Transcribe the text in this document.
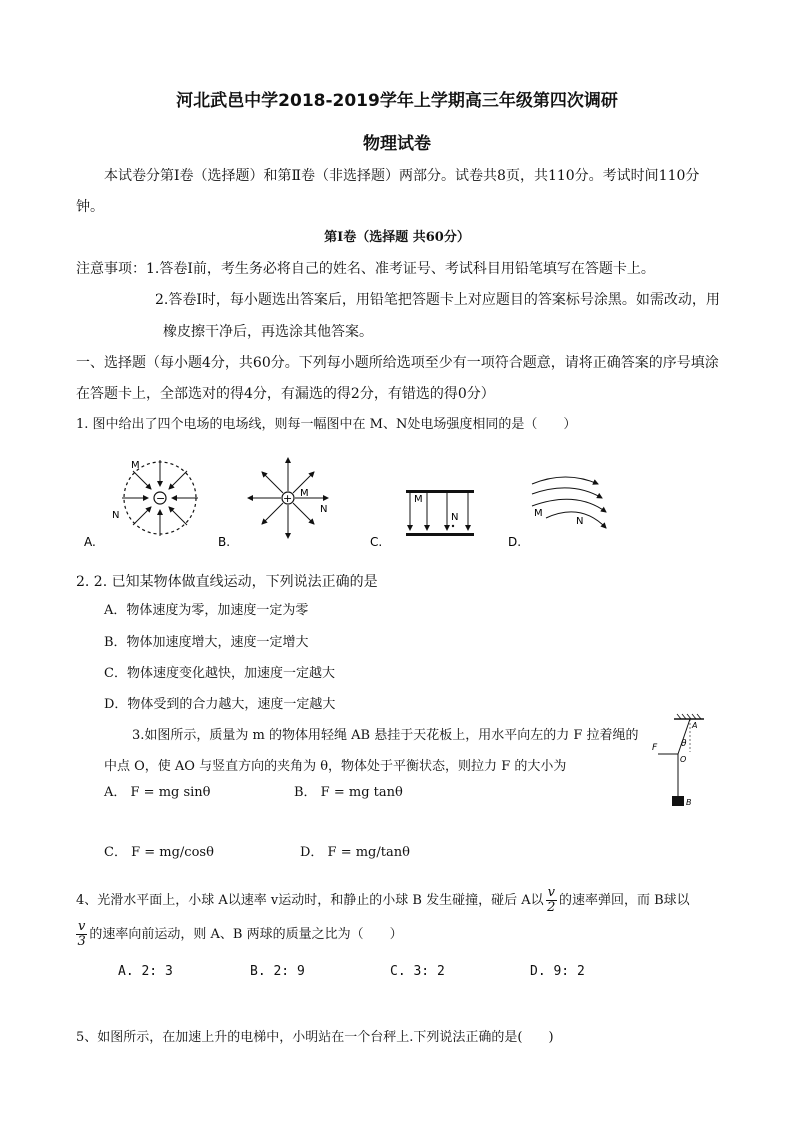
河北武邑中学2018-2019学年上学期高三年级第四次调研
物理试卷
本试卷分第Ⅰ卷（选择题）和第Ⅱ卷（非选择题）两部分。试卷共8页，共110分。考试时间110分
钟。
第Ⅰ卷（选择题 共60分）
注意事项：1.答卷Ⅰ前，考生务必将自己的姓名、准考证号、考试科目用铅笔填写在答题卡上。
2.答卷Ⅰ时，每小题选出答案后，用铅笔把答题卡上对应题目的答案标号涂黑。如需改动，用
橡皮擦干净后，再选涂其他答案。
一、选择题（每小题4分，共60分。下列每小题所给选项至少有一项符合题意，请将正确答案的序号填涂
在答题卡上，全部选对的得4分，有漏选的得2分，有错选的得0分）
1. 图中给出了四个电场的电场线，则每一幅图中在 M、N处电场强度相同的是（　　）
−
M
N
A.
+ M
N
B.
M
N
C.
M
N
D.
2. 2. 已知某物体做直线运动，下列说法正确的是
A．物体速度为零，加速度一定为零
B．物体加速度增大，速度一定增大
C．物体速度变化越快，加速度一定越大
D．物体受到的合力越大，速度一定越大
3.如图所示，质量为 m 的物体用轻绳 AB 悬挂于天花板上，用水平向左的力 F 拉着绳的
中点 O，使 AO 与竖直方向的夹角为 θ，物体处于平衡状态，则拉力 F 的大小为
A． F = mg sinθ	B． F = mg tanθ
C． F = mg/cosθ	D． F = mg/tanθ
A
θ
O
F
B
4、光滑水平面上，小球 A以速率 v运动时，和静止的小球 B 发生碰撞，碰后 A以 $\frac{v}{2}$ 的速率弹回，而 B球以
$\frac{v}{3}$ 的速率向前运动，则 A、B 两球的质量之比为（　　）
A. 2: 3	B. 2: 9	C. 3: 2	D. 9: 2
5、如图所示，在加速上升的电梯中，小明站在一个台秤上.下列说法正确的是(　　)
